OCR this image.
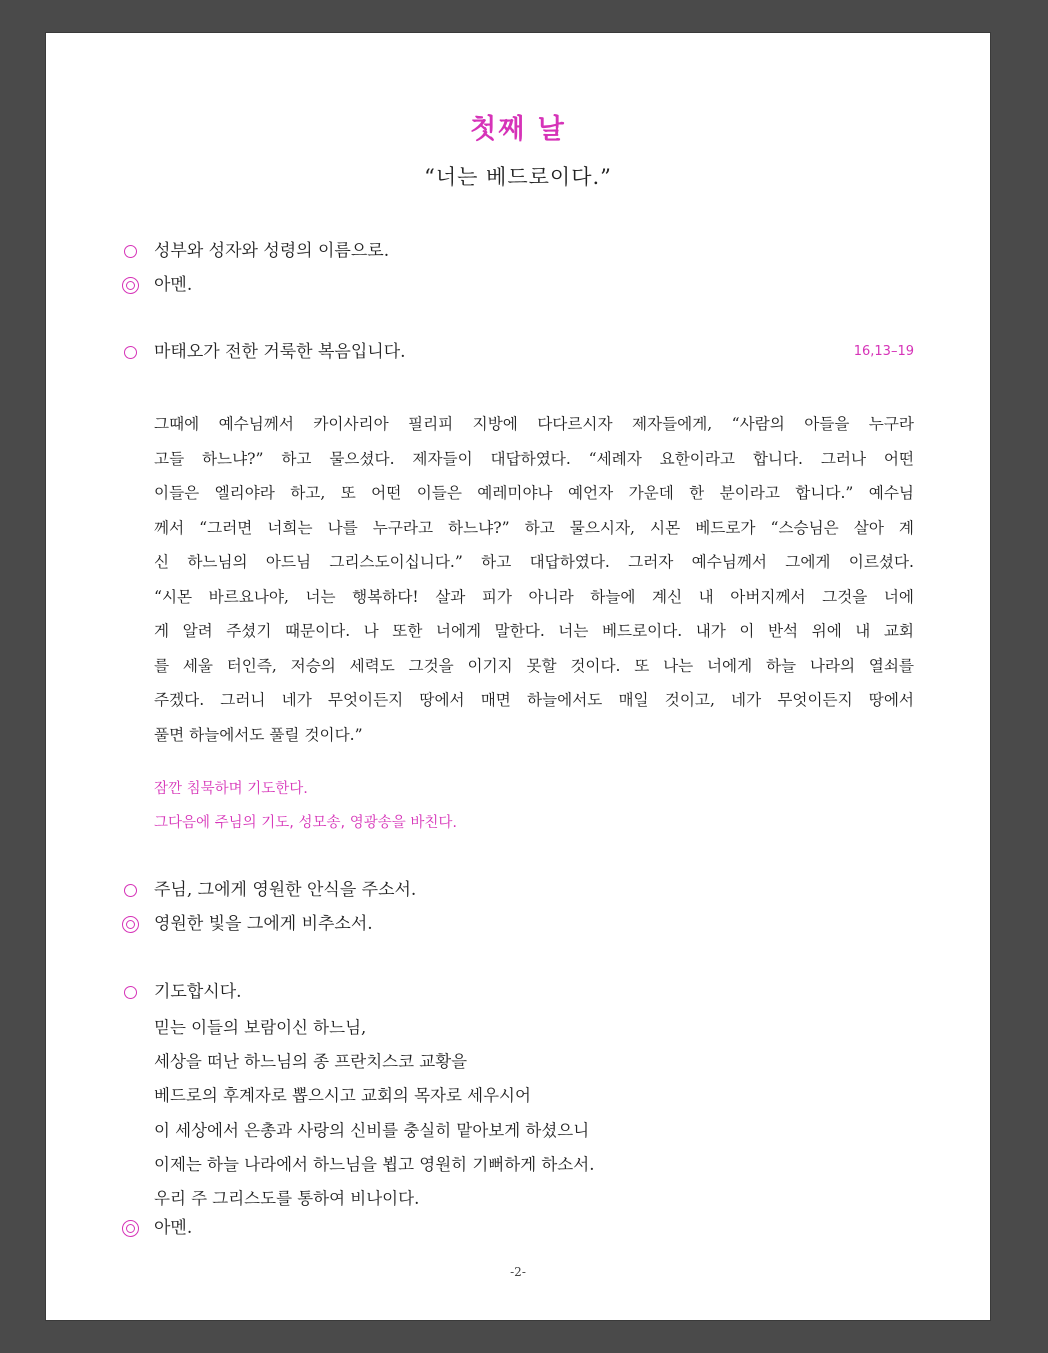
첫째 날
“너는 베드로이다.”
성부와 성자와 성령의 이름으로.
아멘.
마태오가 전한 거룩한 복음입니다.	16,13–19
그때에 예수님께서 카이사리아 필리피 지방에 다다르시자 제자들에게, “사람의 아들을 누구라
고들 하느냐?” 하고 물으셨다. 제자들이 대답하였다. “세례자 요한이라고 합니다. 그러나 어떤
이들은 엘리야라 하고, 또 어떤 이들은 예레미야나 예언자 가운데 한 분이라고 합니다.” 예수님
께서 “그러면 너희는 나를 누구라고 하느냐?” 하고 물으시자, 시몬 베드로가 “스승님은 살아 계
신 하느님의 아드님 그리스도이십니다.” 하고 대답하였다. 그러자 예수님께서 그에게 이르셨다.
“시몬 바르요나야, 너는 행복하다! 살과 피가 아니라 하늘에 계신 내 아버지께서 그것을 너에
게 알려 주셨기 때문이다. 나 또한 너에게 말한다. 너는 베드로이다. 내가 이 반석 위에 내 교회
를 세울 터인즉, 저승의 세력도 그것을 이기지 못할 것이다. 또 나는 너에게 하늘 나라의 열쇠를
주겠다. 그러니 네가 무엇이든지 땅에서 매면 하늘에서도 매일 것이고, 네가 무엇이든지 땅에서
풀면 하늘에서도 풀릴 것이다.”
잠깐 침묵하며 기도한다.
그다음에 주님의 기도, 성모송, 영광송을 바친다.
주님, 그에게 영원한 안식을 주소서.
영원한 빛을 그에게 비추소서.
기도합시다.
믿는 이들의 보람이신 하느님,
세상을 떠난 하느님의 종 프란치스코 교황을
베드로의 후계자로 뽑으시고 교회의 목자로 세우시어
이 세상에서 은총과 사랑의 신비를 충실히 맡아보게 하셨으니
이제는 하늘 나라에서 하느님을 뵙고 영원히 기뻐하게 하소서.
우리 주 그리스도를 통하여 비나이다.
아멘.
-2-
